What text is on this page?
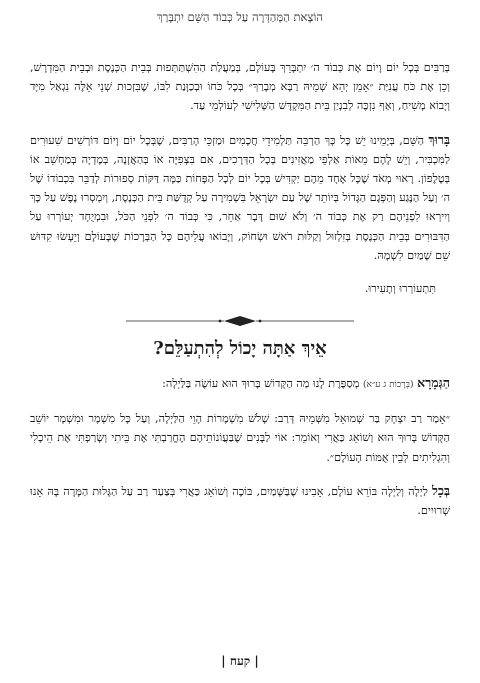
הוֹצָאת הַמְּהַדְּרָה עַל כְּבוֹד הַשֵּׁם יִתְבָּרַךְ

בְּרַבִּים בְּכָל יוֹם וָיוֹם אֶת כְּבוֹד ה׳ יִתְבָּרֵךְ בָּעוֹלָם, בְּמַעֲלַת הַהִשְׁתַּתְּפוּת בְּבֵית הַכְּנֶסֶת וּבְבֵית הַמִּדְרָשׁ, וְכֵן אֶת כֹּחַ עֲנִיַּת ״אָמֵן יְהֵא שְׁמֵיהּ רַבָּא מְבָרַךְ״ בְּכָל כֹּחוֹ וּבְכַוָּנַת לִבּוֹ, שֶׁבִּזְכוּת שְׁנֵי אֵלֶּה נִגְאַל מִיָּד וְיָבוֹא מָשִׁיחַ, וְאַף נִזְכֶּה לְבִנְיַן בֵּית הַמִּקְדָּשׁ הַשְּׁלִישִׁי לְעוֹלְמֵי עַד.

בָּרוּךְ הַשֵּׁם, בְּיָמֵינוּ יֵשׁ כָּל כָּךְ הַרְבֵּה תַּלְמִידֵי חֲכָמִים וּמַזְכֵּי הָרַבִּים, שֶׁבְּכָל יוֹם וָיוֹם דּוֹרְשִׁים שִׁעוּרִים לַמִּכְבִּיר, וְיֵשׁ לָהֶם מֵאוֹת אַלְפֵי מַאֲזִינִים בְּכָל הַדְּרָכִים, אִם בִּצְפִיָּה אוֹ בְּהַאֲזָנָה, בְּמֶדְיָה בְּמַחְשֵׁב אוֹ בְּטֶלֶפוֹן. רָאוּי מְאֹד שֶׁכָּל אֶחָד מֵהֶם יַקְדִּישׁ בְּכָל יוֹם לְכָל הַפָּחוֹת כַּמָּה דַּקּוֹת סְפוּרוֹת לְדַבֵּר בִּכְבוֹדוֹ שֶׁל ה׳ וְעַל הַנֶּגַע וְהַפְּגָם הַגָּדוֹל בְּיוֹתֵר שֶׁל עַם יִשְׂרָאֵל בִּשְׁמִירָה עַל קְדֻשַּׁת בֵּית הַכְּנֶסֶת, וְיִמְסְרוּ נֶפֶשׁ עַל כָּךְ וְיִירְאוּ לִפְנֵיהֶם רַק אֶת כְּבוֹד ה׳ וְלֹא שׁוּם דָּבָר אַחֵר, כִּי כְּבוֹד ה׳ לִפְנֵי הַכֹּל, וּבִמְיֻחָד יְעוֹרְרוּ עַל הַדִּבּוּרִים בְּבֵית הַכְּנֶסֶת בְּזִלְזוּל וְקַלּוּת רֹאשׁ וּשְׂחוֹק, וְיָבוֹאוּ עֲלֵיהֶם כָּל הַבְּרָכוֹת שֶׁבָּעוֹלָם וְיֵעָשׂוּ קִדּוּשׁ שֵׁם שָׁמַיִם לִשְׁמָהּ.

תִּתְעוֹרְרוּ וְתָעִירוּ.
אֵיךְ אַתָּה יָכוֹל לְהִתְעַלֵּם?

הַגְּמָרָא (בְּרָכוֹת ג ע״א) מְסַפֶּרֶת לָנוּ מַה הַקָּדוֹשׁ בָּרוּךְ הוּא עוֹשֶׂה בַּלַּיְלָה:

״אָמַר רַב יִצְחָק בַּר שְׁמוּאֵל מִשְּׁמֵיהּ דְּרַב: שָׁלֹשׁ מִשְׁמָרוֹת הָוֵי הַלַּיְלָה, וְעַל כָּל מִשְׁמָר וּמִשְׁמָר יוֹשֵׁב הַקָּדוֹשׁ בָּרוּךְ הוּא וְשׁוֹאֵג כַּאֲרִי וְאוֹמֵר: אוֹי לַבָּנִים שֶׁבַּעֲוֹנוֹתֵיהֶם הֶחֱרַבְתִּי אֶת בֵּיתִי וְשָׂרַפְתִּי אֶת הֵיכָלִי וְהִגְלִיתִים לְבֵין אֻמּוֹת הָעוֹלָם״.

בְּכָל לַיְלָה וְלַיְלָה בּוֹרֵא עוֹלָם, אָבִינוּ שֶׁבַּשָּׁמַיִם, בּוֹכֶה וְשׁוֹאֵג כַּאֲרִי בְּצַעַר רַב עַל הַגָּלוּת הַמָּרָה בָּהּ אָנוּ שְׁרוּיִים.

| קעח |
